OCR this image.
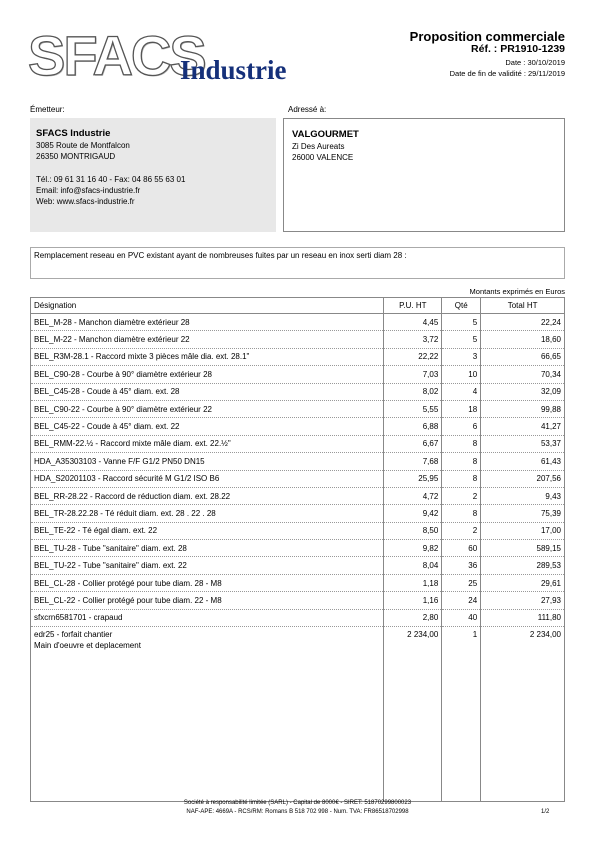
SFACS
Industrie
Proposition commerciale
Réf. : PR1910-1239
Date : 30/10/2019
Date de fin de validité : 29/11/2019
Émetteur:
SFACS Industrie
3085 Route de Montfalcon
26350 MONTRIGAUD
Tél.: 09 61 31 16 40 - Fax: 04 86 55 63 01
Email: info@sfacs-industrie.fr
Web: www.sfacs-industrie.fr
Adressé à:
VALGOURMET
Zi Des Aureats
26000 VALENCE
Remplacement reseau en PVC existant ayant de nombreuses fuites par un reseau en inox serti diam 28 :
Montants exprimés en Euros
Désignation	P.U. HT	Qté	Total HT
BEL_M-28 - Manchon diamètre extérieur 28	4,45	5	22,24
BEL_M-22 - Manchon diamètre extérieur 22	3,72	5	18,60
BEL_R3M-28.1 - Raccord mixte 3 pièces mâle dia. ext. 28.1"	22,22	3	66,65
BEL_C90-28 - Courbe à 90° diamètre extérieur 28	7,03	10	70,34
BEL_C45-28 - Coude à 45° diam. ext. 28	8,02	4	32,09
BEL_C90-22 - Courbe à 90° diamètre extérieur 22	5,55	18	99,88
BEL_C45-22 - Coude à 45° diam. ext. 22	6,88	6	41,27
BEL_RMM-22.½ - Raccord mixte mâle diam. ext. 22.½"	6,67	8	53,37
HDA_A35303103 - Vanne F/F G1/2 PN50 DN15	7,68	8	61,43
HDA_S20201103 - Raccord sécurité M G1/2 ISO B6	25,95	8	207,56
BEL_RR-28.22 - Raccord de réduction diam. ext. 28.22	4,72	2	9,43
BEL_TR-28.22.28 - Té réduit diam. ext. 28 . 22 . 28	9,42	8	75,39
BEL_TE-22 - Té égal diam. ext. 22	8,50	2	17,00
BEL_TU-28 - Tube "sanitaire" diam. ext. 28	9,82	60	589,15
BEL_TU-22 - Tube "sanitaire" diam. ext. 22	8,04	36	289,53
BEL_CL-28 - Collier protégé pour tube diam. 28 - M8	1,18	25	29,61
BEL_CL-22 - Collier protégé pour tube diam. 22 - M8	1,16	24	27,93
sfxcrn6581701 - crapaud	2,80	40	111,80

edr25 - forfait chantier
Main d'oeuvre et deplacement	2 234,00	1	2 234,00
Société à responsabilité limitée (SARL) - Capital de 8000€ - SIRET: 51870299800023
NAF-APE: 4669A - RCS/RM: Romans B 518 702 998 - Num. TVA: FR86518702998	1/2
